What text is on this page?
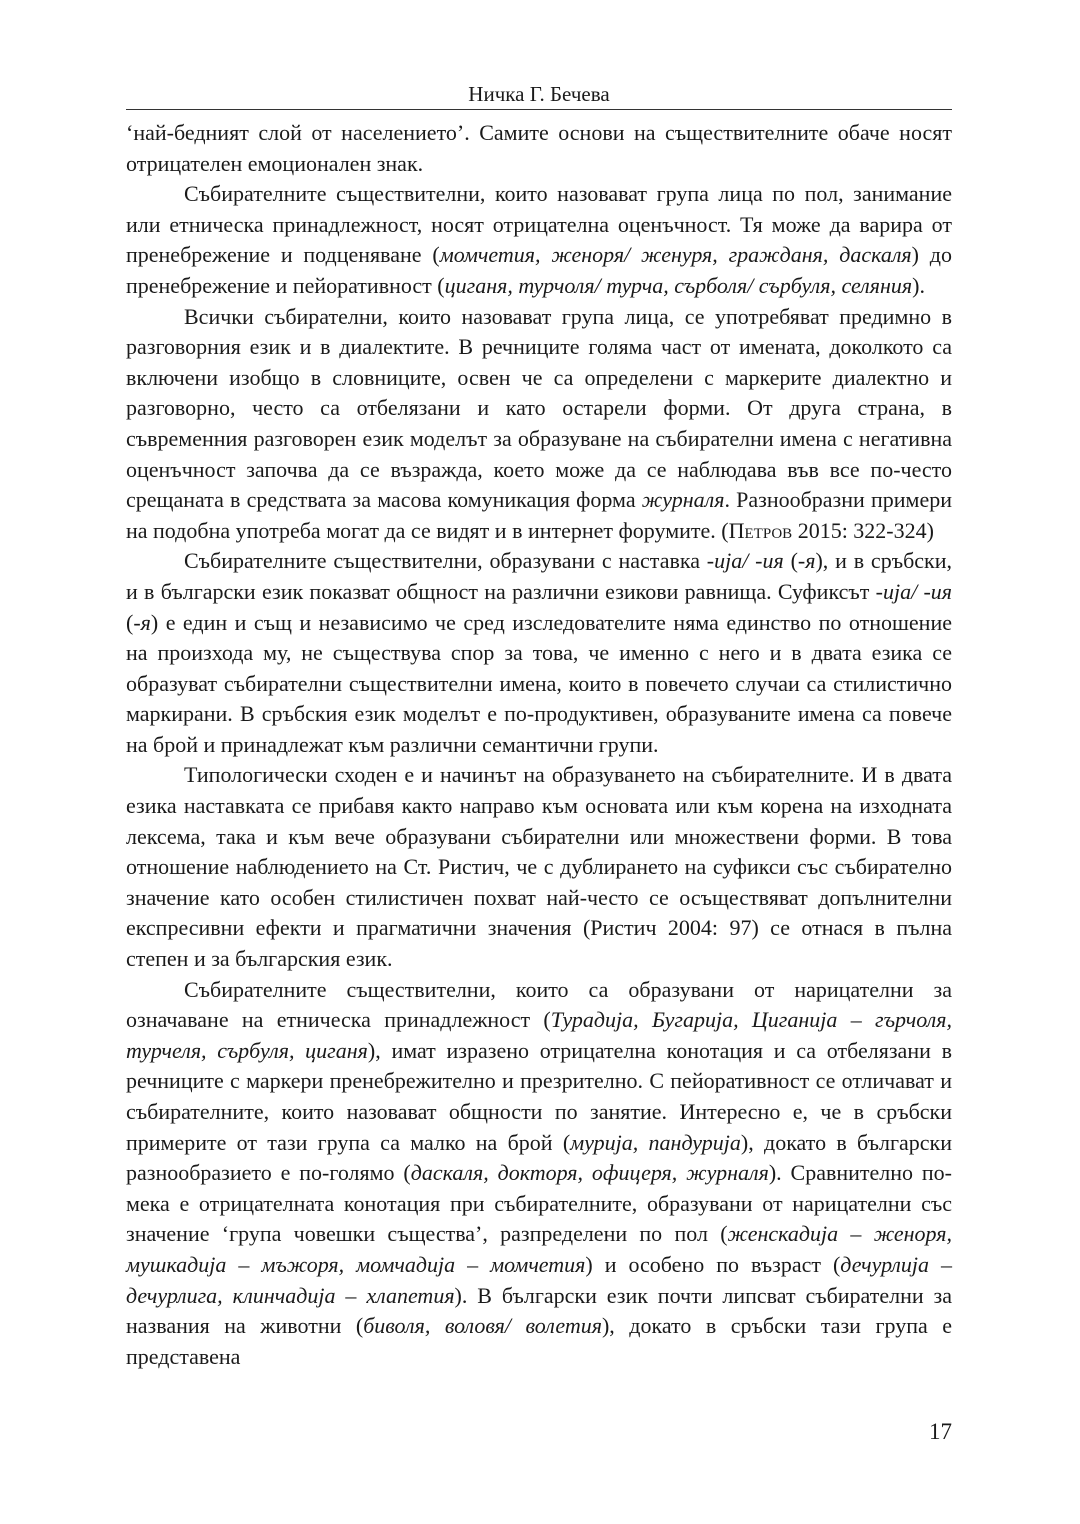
Ничка Г. Бечева

‘най-бедният слой от населението’. Самите основи на съществителните обаче носят отрицателен емоционален знак.

Събирателните съществителни, които назовават група лица по пол, занимание или етническа принадлежност, носят отрицателна оценъчност. Тя може да варира от пренебрежение и подценяване (момчетия, женоря/ женуря, гражданя, даскаля) до пренебрежение и пейоративност (циганя, турчоля/ турча, сърболя/ сърбуля, селяния).

Всички събирателни, които назовават група лица, се употребяват предимно в разговорния език и в диалектите. В речниците голяма част от имената, доколкото са включени изобщо в словниците, освен че са определени с маркерите диалектно и разговорно, често са отбелязани и като остарели форми. От друга страна, в съвременния разговорен език моделът за образуване на събирателни имена с негативна оценъчност започва да се възражда, което може да се наблюдава във все по-често срещаната в средствата за масова комуникация форма журналя. Разнообразни примери на подобна употреба могат да се видят и в интернет форумите. (Петров 2015: 322-324)

Събирателните съществителни, образувани с наставка -ија/ -ия (-я), и в сръбски, и в български език показват общност на различни езикови равнища. Суфиксът -ија/ -ия (-я) е един и същ и независимо че сред изследователите няма единство по отношение на произхода му, не съществува спор за това, че именно с него и в двата езика се образуват събирателни съществителни имена, които в повечето случаи са стилистично маркирани. В сръбския език моделът е по-продуктивен, образуваните имена са повече на брой и принадлежат към различни семантични групи.

Типологически сходен е и начинът на образуването на събирателните. И в двата езика наставката се прибавя както направо към основата или към корена на изходната лексема, така и към вече образувани събирателни или множествени форми. В това отношение наблюдението на Ст. Ристич, че с дублирането на суфикси със събирателно значение като особен стилистичен похват най-често се осъществяват допълнителни експресивни ефекти и прагматични значения (Ристич 2004: 97) се отнася в пълна степен и за българския език.

Събирателните съществителни, които са образувани от нарицателни за означаване на етническа принадлежност (Турадија, Бугарија, Циганија – гърчоля, турчеля, сърбуля, циганя), имат изразено отрицателна конотация и са отбелязани в речниците с маркери пренебрежително и презрително. С пейоративност се отличават и събирателните, които назовават общности по занятие. Интересно е, че в сръбски примерите от тази група са малко на брой (мурија, пандурија), докато в български разнообразието е по-голямо (даскаля, докторя, офицеря, журналя). Сравнително по-мека е отрицателната конотация при събирателните, образувани от нарицателни със значение ‘група човешки същества’, разпределени по пол (женскадија – женоря, мушкадија – мъжоря, момчадија – момчетия) и особено по възраст (дечурлија – дечурлига, клинчадија – хлапетия). В български език почти липсват събирателни за названия на животни (биволя, воловя/ волетия), докато в сръбски тази група е представена

17
